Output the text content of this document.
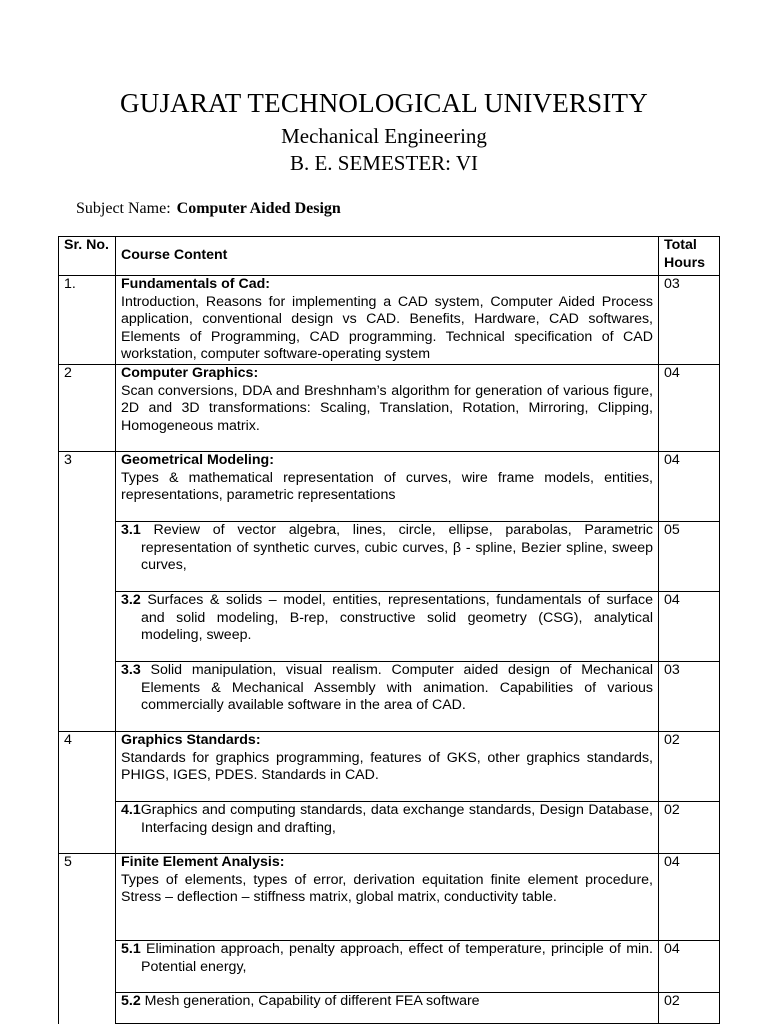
GUJARAT TECHNOLOGICAL UNIVERSITY
Mechanical Engineering
B. E. SEMESTER: VI
Subject Name: Computer Aided Design
Sr. No.	Course Content	Total Hours
1.	Fundamentals of Cad:
Introduction, Reasons for implementing a CAD system, Computer Aided Process application, conventional design vs CAD. Benefits, Hardware, CAD softwares, Elements of Programming, CAD programming. Technical specification of CAD workstation, computer software-operating system	03
2	Computer Graphics:
Scan conversions, DDA and Breshnham’s algorithm for generation of various figure, 2D and 3D transformations: Scaling, Translation, Rotation, Mirroring, Clipping, Homogeneous matrix.	04
3	Geometrical Modeling:
Types & mathematical representation of curves, wire frame models, entities, representations, parametric representations	04

	3.1 Review of vector algebra, lines, circle, ellipse, parabolas, Parametric representation of synthetic curves, cubic curves, β - spline, Bezier spline, sweep curves,	05

	3.2 Surfaces & solids – model, entities, representations, fundamentals of surface and solid modeling, B-rep, constructive solid geometry (CSG), analytical modeling, sweep.	04

	3.3 Solid manipulation, visual realism. Computer aided design of Mechanical Elements & Mechanical Assembly with animation. Capabilities of various commercially available software in the area of CAD.	03
4	Graphics Standards:
Standards for graphics programming, features of GKS, other graphics standards, PHIGS, IGES, PDES. Standards in CAD.	02

	4.1Graphics and computing standards, data exchange standards, Design Database, Interfacing design and drafting,	02
5	Finite Element Analysis:
Types of elements, types of error, derivation equitation finite element procedure, Stress – deflection – stiffness matrix, global matrix, conductivity table.	04

	5.1 Elimination approach, penalty approach, effect of temperature, principle of min. Potential energy,	04

	5.2 Mesh generation, Capability of different FEA software	02
